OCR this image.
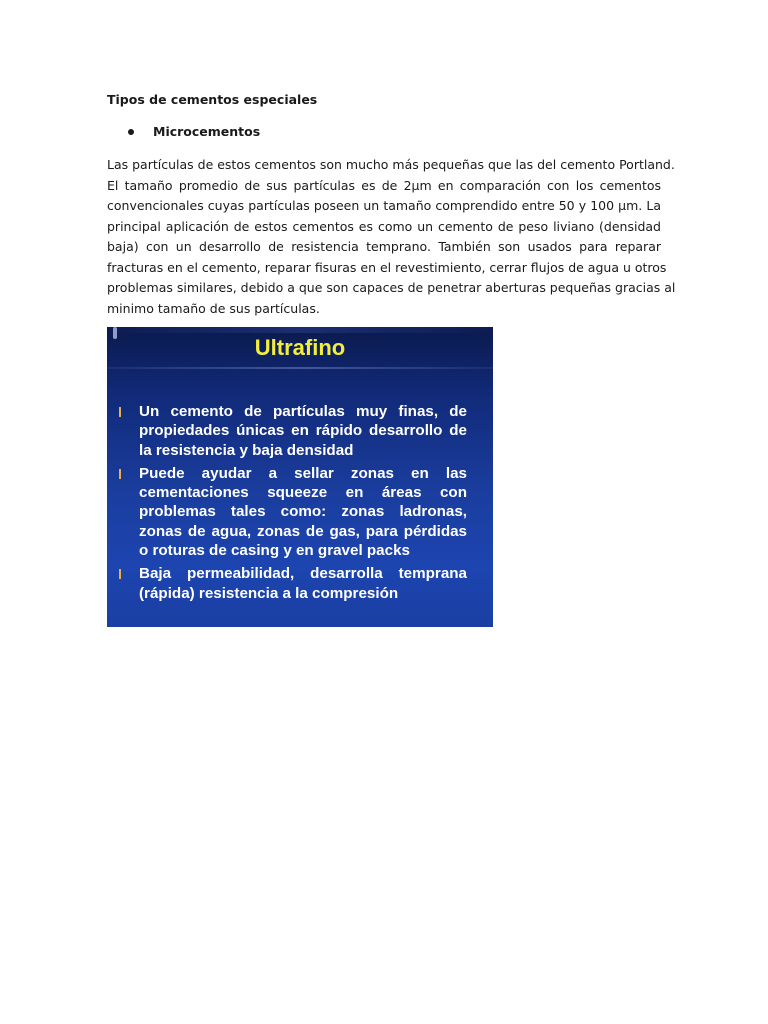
Tipos de cementos especiales
Microcementos
Las partículas de estos cementos son mucho más pequeñas que las del cemento Portland.
El tamaño promedio de sus partículas es de 2µm en comparación con los cementos
convencionales cuyas partículas poseen un tamaño comprendido entre 50 y 100 µm. La
principal aplicación de estos cementos es como un cemento de peso liviano (densidad
baja) con un desarrollo de resistencia temprano. También son usados para reparar
fracturas en el cemento, reparar fisuras en el revestimiento, cerrar flujos de agua u otros
problemas similares, debido a que son capaces de penetrar aberturas pequeñas gracias al
minimo tamaño de sus partículas.
Ultrafino
Un cemento de partículas muy finas, de
propiedades únicas en rápido desarrollo de
la resistencia y baja densidad
Puede ayudar a sellar zonas en las
cementaciones squeeze en áreas con
problemas tales como: zonas ladronas,
zonas de agua, zonas de gas, para pérdidas
o roturas de casing y en gravel packs
Baja permeabilidad, desarrolla temprana
(rápida) resistencia a la compresión
